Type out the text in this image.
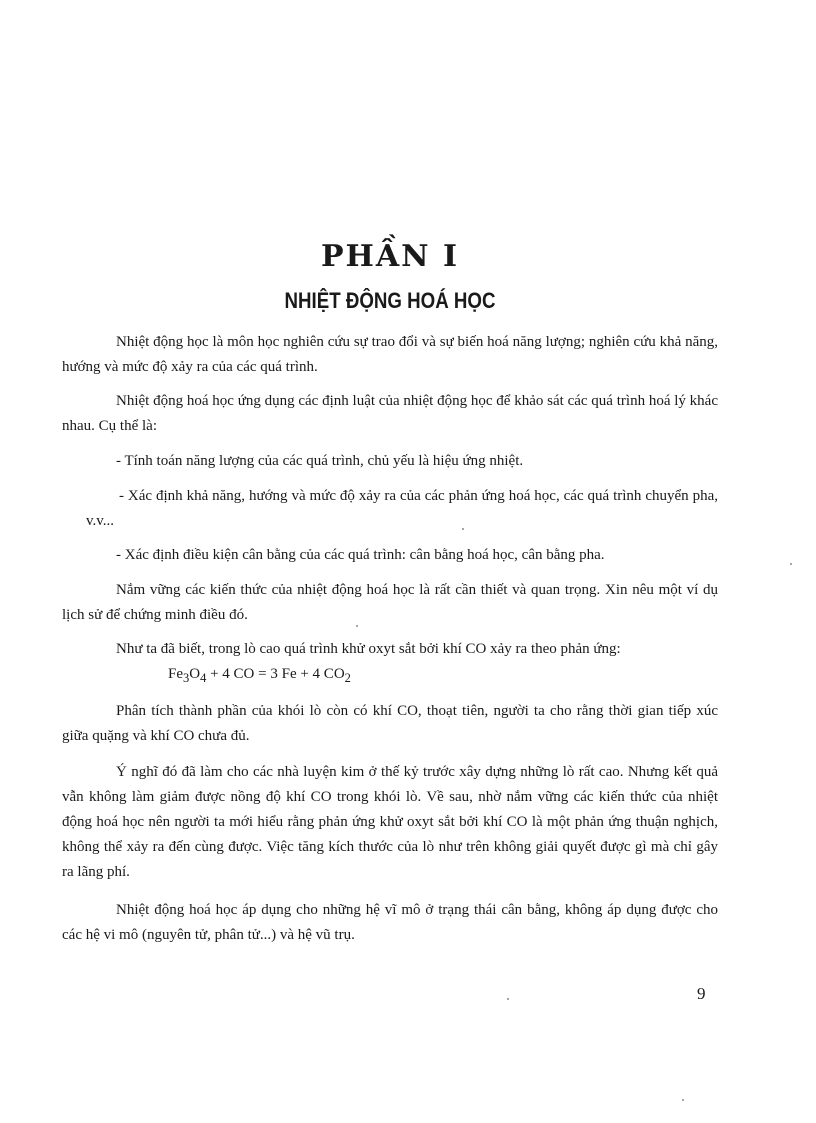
PHẦN I
NHIỆT ĐỘNG HOÁ HỌC

Nhiệt động học là môn học nghiên cứu sự trao đổi và sự biến hoá năng lượng; nghiên cứu khả năng, hướng và mức độ xảy ra của các quá trình.

Nhiệt động hoá học ứng dụng các định luật của nhiệt động học để khảo sát các quá trình hoá lý khác nhau. Cụ thể là:

- Tính toán năng lượng của các quá trình, chủ yếu là hiệu ứng nhiệt.

- Xác định khả năng, hướng và mức độ xảy ra của các phản ứng hoá học, các quá trình chuyển pha, v.v...

- Xác định điều kiện cân bằng của các quá trình: cân bằng hoá học, cân bằng pha.

Nắm vững các kiến thức của nhiệt động hoá học là rất cần thiết và quan trọng. Xin nêu một ví dụ lịch sử để chứng minh điều đó.

Như ta đã biết, trong lò cao quá trình khử oxyt sắt bởi khí CO xảy ra theo phản ứng:

$Fe_3O_4 + 4$ CO = 3 Fe + 4 $CO_2$

Phân tích thành phần của khói lò còn có khí CO, thoạt tiên, người ta cho rằng thời gian tiếp xúc giữa quặng và khí CO chưa đủ.

Ý nghĩ đó đã làm cho các nhà luyện kim ở thế kỷ trước xây dựng những lò rất cao. Nhưng kết quả vẫn không làm giảm được nồng độ khí CO trong khói lò. Về sau, nhờ nắm vững các kiến thức của nhiệt động hoá học nên người ta mới hiểu rằng phản ứng khử oxyt sắt bởi khí CO là một phản ứng thuận nghịch, không thể xảy ra đến cùng được. Việc tăng kích thước của lò như trên không giải quyết được gì mà chỉ gây ra lãng phí.

Nhiệt động hoá học áp dụng cho những hệ vĩ mô ở trạng thái cân bằng, không áp dụng được cho các hệ vi mô (nguyên tử, phân tử...) và hệ vũ trụ.

9
